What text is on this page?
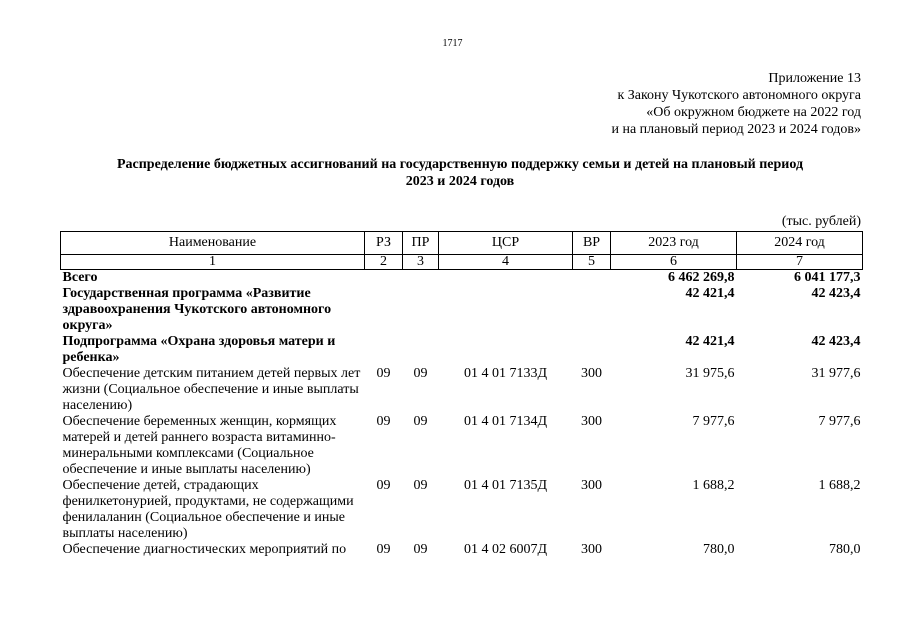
1717
Приложение 13
к Закону Чукотского автономного округа
«Об окружном бюджете на 2022 год
и на плановый период 2023 и 2024 годов»
Распределение бюджетных ассигнований на государственную поддержку семьи и детей на плановый период
2023 и 2024 годов
(тыс. рублей)
Наименование	РЗ	ПР	ЦСР	ВР	2023 год	2024 год
1	2	3	4	5	6	7
Всего					6 462 269,8	6 041 177,3
Государственная программа «Развитие здравоохранения Чукотского автономного округа»					42 421,4	42 423,4
Подпрограмма «Охрана здоровья матери и ребенка»					42 421,4	42 423,4
Обеспечение детским питанием детей первых лет жизни (Социальное обеспечение и иные выплаты населению)	09	09	01 4 01 7133Д	300	31 975,6	31 977,6
Обеспечение беременных женщин, кормящих матерей и детей раннего возраста витаминно-минеральными комплексами (Социальное обеспечение и иные выплаты населению)	09	09	01 4 01 7134Д	300	7 977,6	7 977,6
Обеспечение детей, страдающих фенилкетонурией, продуктами, не содержащими фенилаланин (Социальное обеспечение и иные выплаты населению)	09	09	01 4 01 7135Д	300	1 688,2	1 688,2
Обеспечение диагностических мероприятий по	09	09	01 4 02 6007Д	300	780,0	780,0
